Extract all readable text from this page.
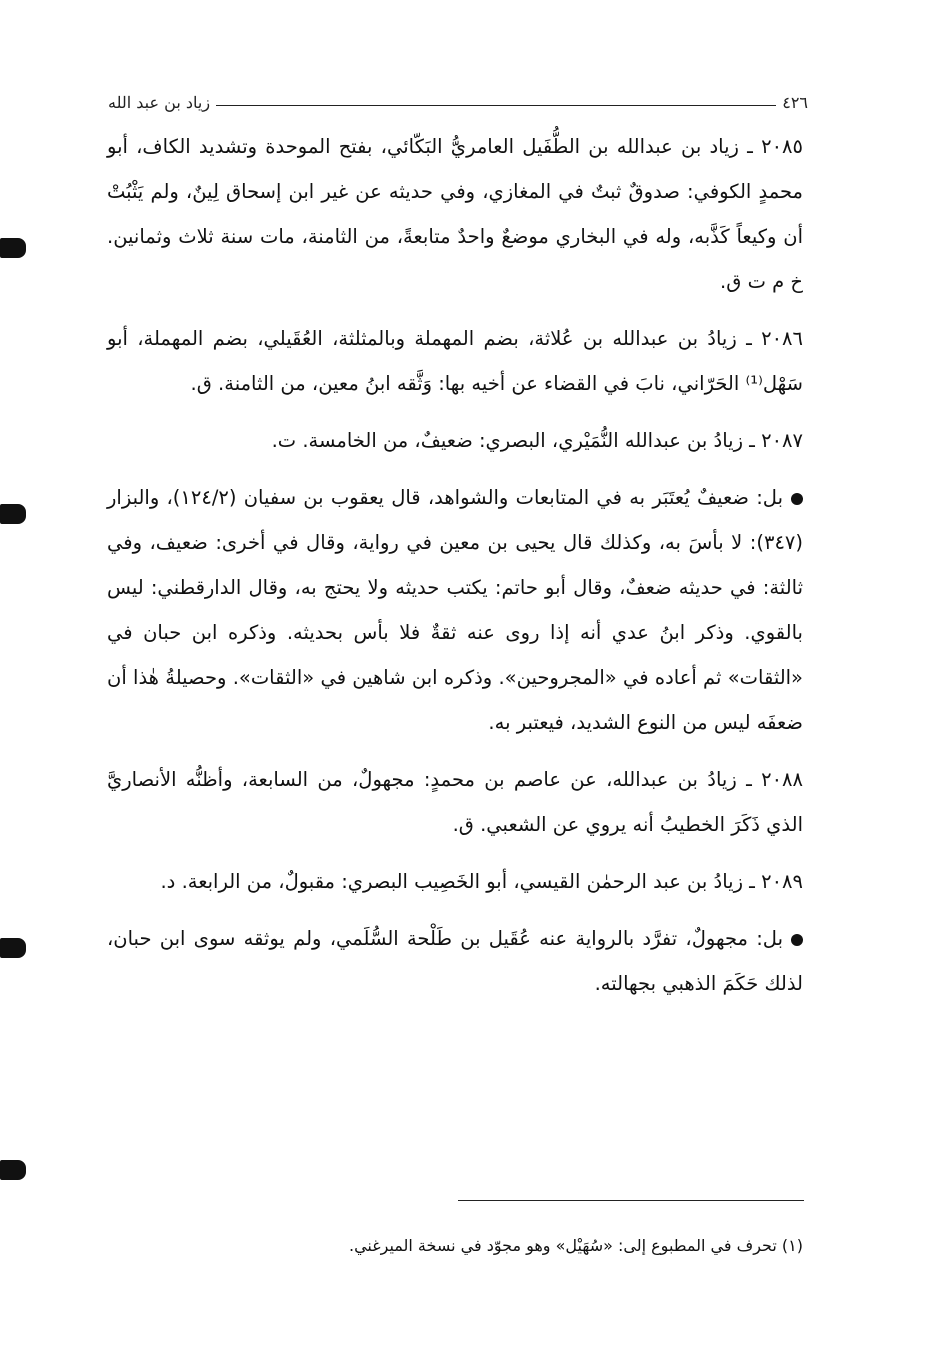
٤٢٦
زياد بن عبد الله

٢٠٨٥ ـ زياد بن عبدالله بن الطُّفَيل العامريُّ البَكّائي، بفتح الموحدة وتشديد الكاف، أبو محمدٍ الكوفي: صدوقٌ ثبتٌ في المغازي، وفي حديثه عن غير ابن إسحاق لِينٌ، ولم يَثْبُتْ أن وكيعاً كَذَّبه، وله في البخاري موضعٌ واحدٌ متابعةً، من الثامنة، مات سنة ثلاث وثمانين. خ م ت ق.

٢٠٨٦ ـ زيادُ بن عبدالله بن عُلاثة، بضم المهملة وبالمثلثة، العُقَيلي، بضم المهملة، أبو سَهْل⁽¹⁾ الحَرّاني، نابَ في القضاء عن أخيه بها: وَثَّقه ابنُ معين، من الثامنة. ق.

٢٠٨٧ ـ زيادُ بن عبدالله النُّمَيْري، البصري: ضعيفٌ، من الخامسة. ت.

بل: ضعيفٌ يُعتَبَر به في المتابعات والشواهد، قال يعقوب بن سفيان (١٢٤/٢)، والبزار (٣٤٧): لا بأسَ به، وكذلك قال يحيى بن معين في رواية، وقال في أخرى: ضعيف، وفي ثالثة: في حديثه ضعفٌ، وقال أبو حاتم: يكتب حديثه ولا يحتج به، وقال الدارقطني: ليس بالقوي. وذكر ابنُ عدي أنه إذا روى عنه ثقةٌ فلا بأس بحديثه. وذكره ابن حبان في «الثقات» ثم أعاده في «المجروحين». وذكره ابن شاهين في «الثقات». وحصيلةُ هٰذا أن ضعفَه ليس من النوع الشديد، فيعتبر به.

٢٠٨٨ ـ زيادُ بن عبدالله، عن عاصم بن محمدٍ: مجهولٌ، من السابعة، وأظنُّه الأنصاريَّ الذي ذَكَرَ الخطيبُ أنه يروي عن الشعبي. ق.

٢٠٨٩ ـ زيادُ بن عبد الرحمٰن القيسي، أبو الخَصِيب البصري: مقبولٌ، من الرابعة. د.

بل: مجهولٌ، تفرَّد بالرواية عنه عُقَيل بن طَلْحة السُّلَمي، ولم يوثقه سوى ابن حبان، لذلك حَكَمَ الذهبي بجهالته.

(١) تحرف في المطبوع إلى: «سُهَيْل» وهو مجوّد في نسخة الميرغني.
